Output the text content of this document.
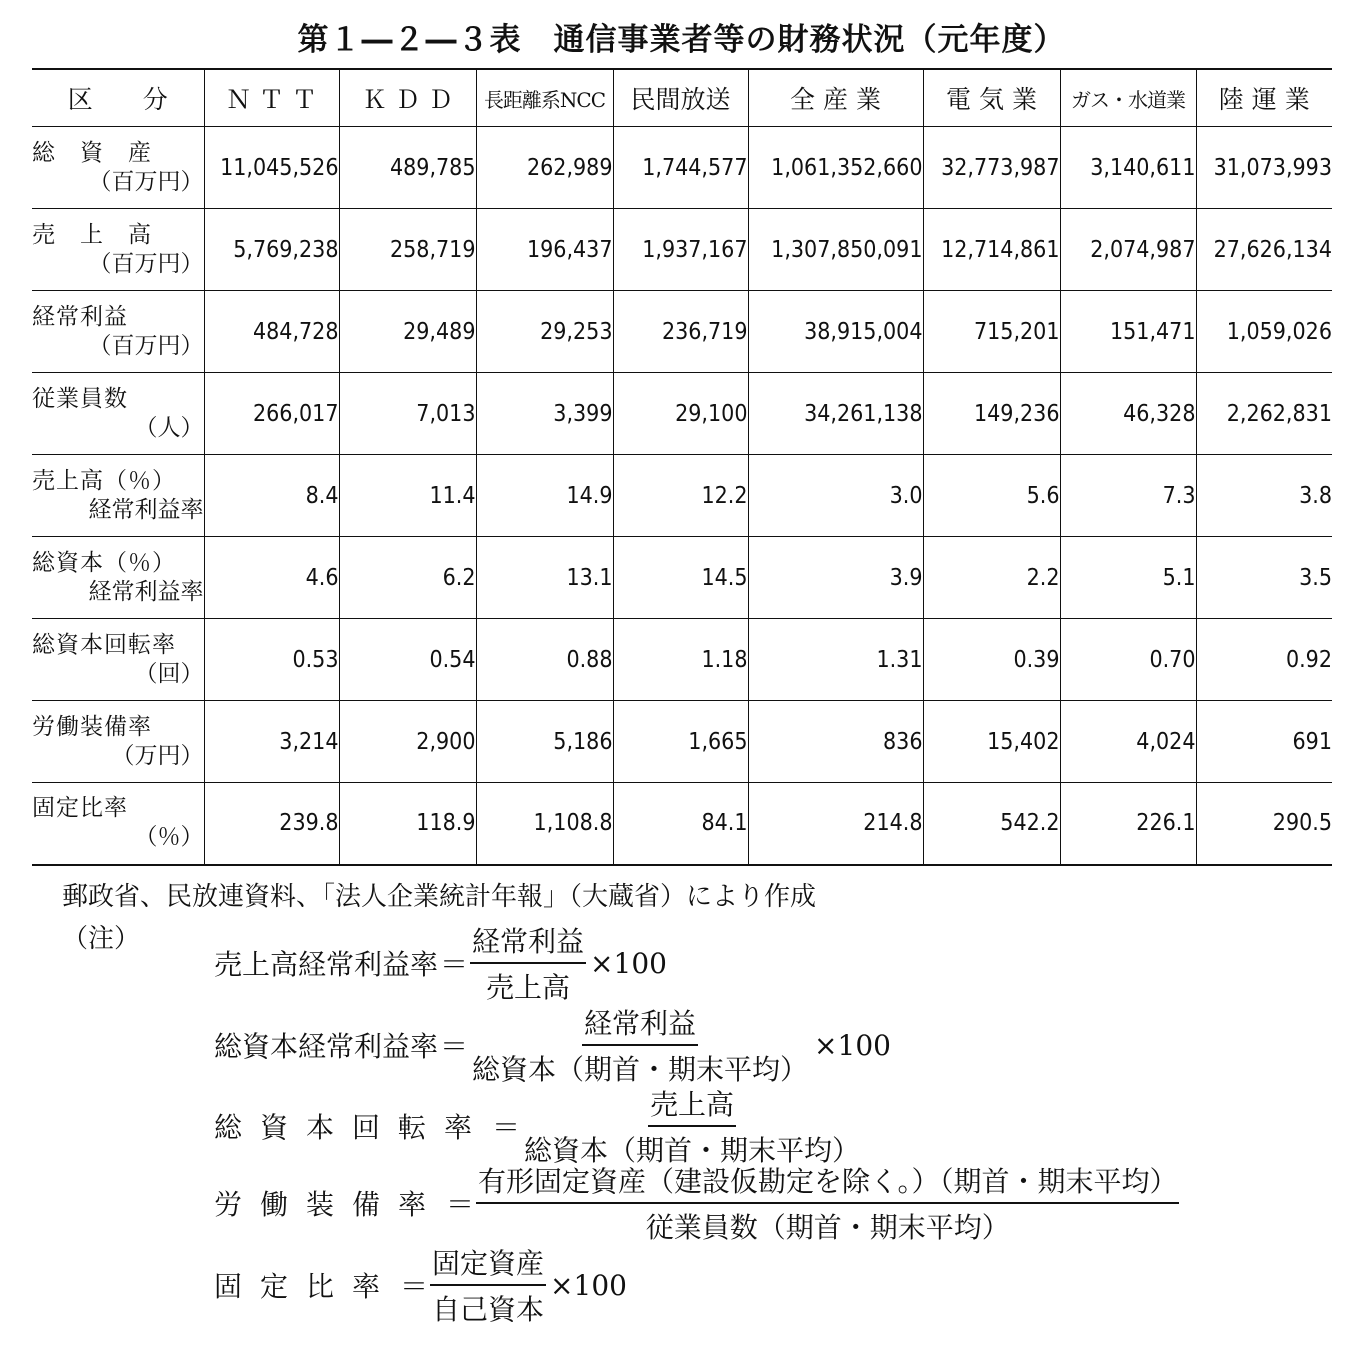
第１―２―３表　通信事業者等の財務状況（元年度）
区　　分	Ｎ Ｔ Ｔ	Ｋ Ｄ Ｄ	長距離系NCC	民間放送	全 産 業	電 気 業	ガス・水道業	陸 運 業

総　資　産
（百万円）	11,045,526	489,785	262,989	1,744,577	1,061,352,660	32,773,987	3,140,611	31,073,993

売　上　高
（百万円）	5,769,238	258,719	196,437	1,937,167	1,307,850,091	12,714,861	2,074,987	27,626,134

経常利益
（百万円）	484,728	29,489	29,253	236,719	38,915,004	715,201	151,471	1,059,026

従業員数
（人）	266,017	7,013	3,399	29,100	34,261,138	149,236	46,328	2,262,831

売上高（％）
経常利益率	8.4	11.4	14.9	12.2	3.0	5.6	7.3	3.8

総資本（％）
経常利益率	4.6	6.2	13.1	14.5	3.9	2.2	5.1	3.5

総資本回転率
（回）	0.53	0.54	0.88	1.18	1.31	0.39	0.70	0.92

労働装備率
（万円）	3,214	2,900	5,186	1,665	836	15,402	4,024	691

固定比率
（％）	239.8	118.9	1,108.8	84.1	214.8	542.2	226.1	290.5
郵政省、民放連資料、「法人企業統計年報」（大蔵省）により作成
（注）
売上高経常利益率 ＝ $\frac{\text{経常利益}}{\text{売上高}} \times 100$
総資本経常利益率 ＝ $\frac{\text{経常利益}}{\text{総資本（期首・期末平均）}} \times 100$
総資本回転率 ＝ $\frac{\text{売上高}}{\text{総資本（期首・期末平均）}}$
労働装備率 ＝ $\frac{\text{有形固定資産（建設仮勘定を除く。）（期首・期末平均）}}{\text{従業員数（期首・期末平均）}}$
固定比率 ＝ $\frac{\text{固定資産}}{\text{自己資本}} \times 100$
